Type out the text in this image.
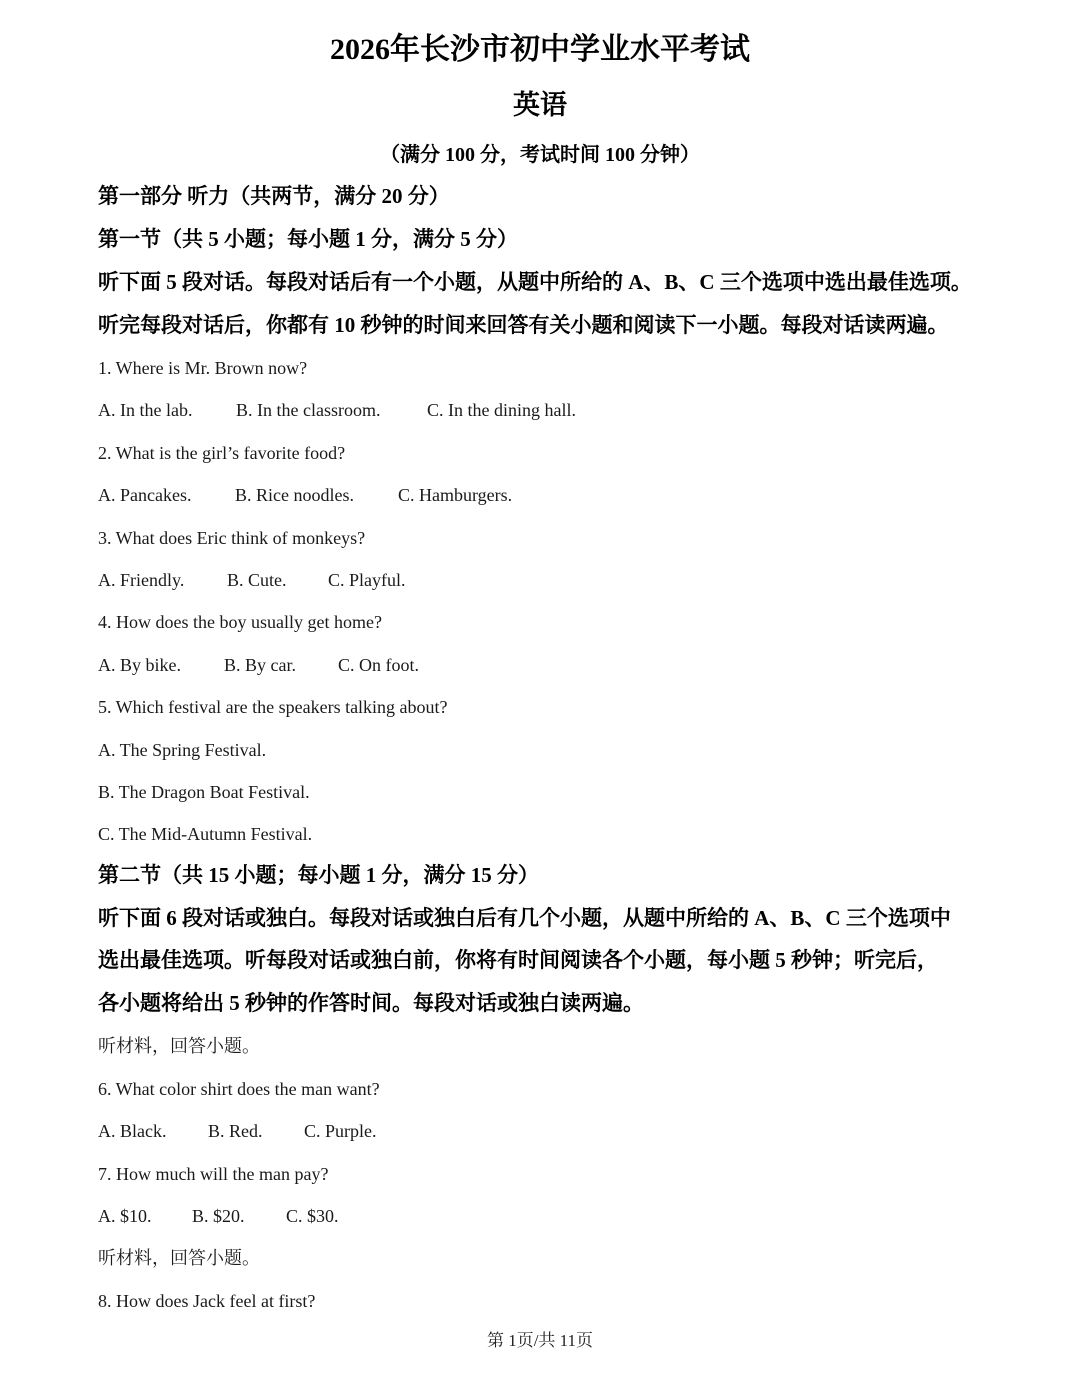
2026年长沙市初中学业水平考试
英语
（满分 100 分，考试时间 100 分钟）
第一部分 听力（共两节，满分 20 分）
第一节（共 5 小题；每小题 1 分，满分 5 分）
听下面 5 段对话。每段对话后有一个小题，从题中所给的 A、B、C 三个选项中选出最佳选项。
听完每段对话后，你都有 10 秒钟的时间来回答有关小题和阅读下一小题。每段对话读两遍。
1. Where is Mr. Brown now?
A. In the lab. B. In the classroom.	C. In the dining hall.
2. What is the girl’s favorite food?
A. Pancakes. B. Rice noodles. C. Hamburgers.
3. What does Eric think of monkeys?
A. Friendly. B. Cute. C. Playful.
4. How does the boy usually get home?
A. By bike. B. By car. C. On foot.
5. Which festival are the speakers talking about?
A. The Spring Festival.
B. The Dragon Boat Festival.
C. The Mid-Autumn Festival.
第二节（共 15 小题；每小题 1 分，满分 15 分）
听下面 6 段对话或独白。每段对话或独白后有几个小题，从题中所给的 A、B、C 三个选项中
选出最佳选项。听每段对话或独白前，你将有时间阅读各个小题，每小题 5 秒钟；听完后，
各小题将给出 5 秒钟的作答时间。每段对话或独白读两遍。
听材料，回答小题。
6. What color shirt does the man want?
A. Black. B. Red. C. Purple.
7. How much will the man pay?
A. $10. B. $20. C. $30.
听材料，回答小题。
8. How does Jack feel at first?
第 1页/共 11页
